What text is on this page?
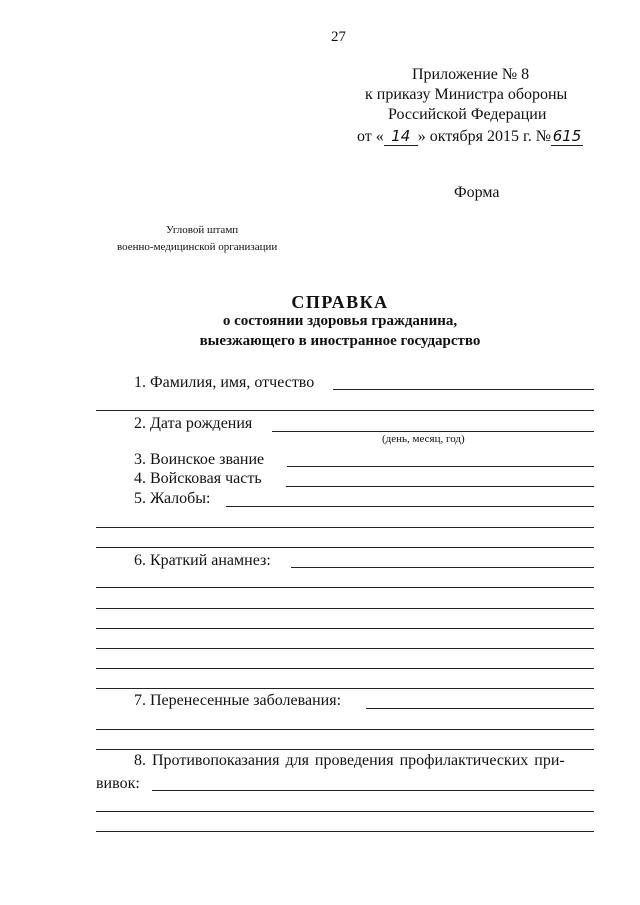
27
Приложение № 8
к приказу Министра обороны
Российской Федерации
от « 14 » октября 2015 г. № 615
Форма
Угловой штамп
военно-медицинской организации
СПРАВКА
о состоянии здоровья гражданина,
выезжающего в иностранное государство
1. Фамилия, имя, отчество
2. Дата рождения
(день, месяц, год)
3. Воинское звание
4. Войсковая часть
5. Жалобы:
6. Краткий анамнез:
7. Перенесенные заболевания:
8. Противопоказания для проведения профилактических при-
вивок:
